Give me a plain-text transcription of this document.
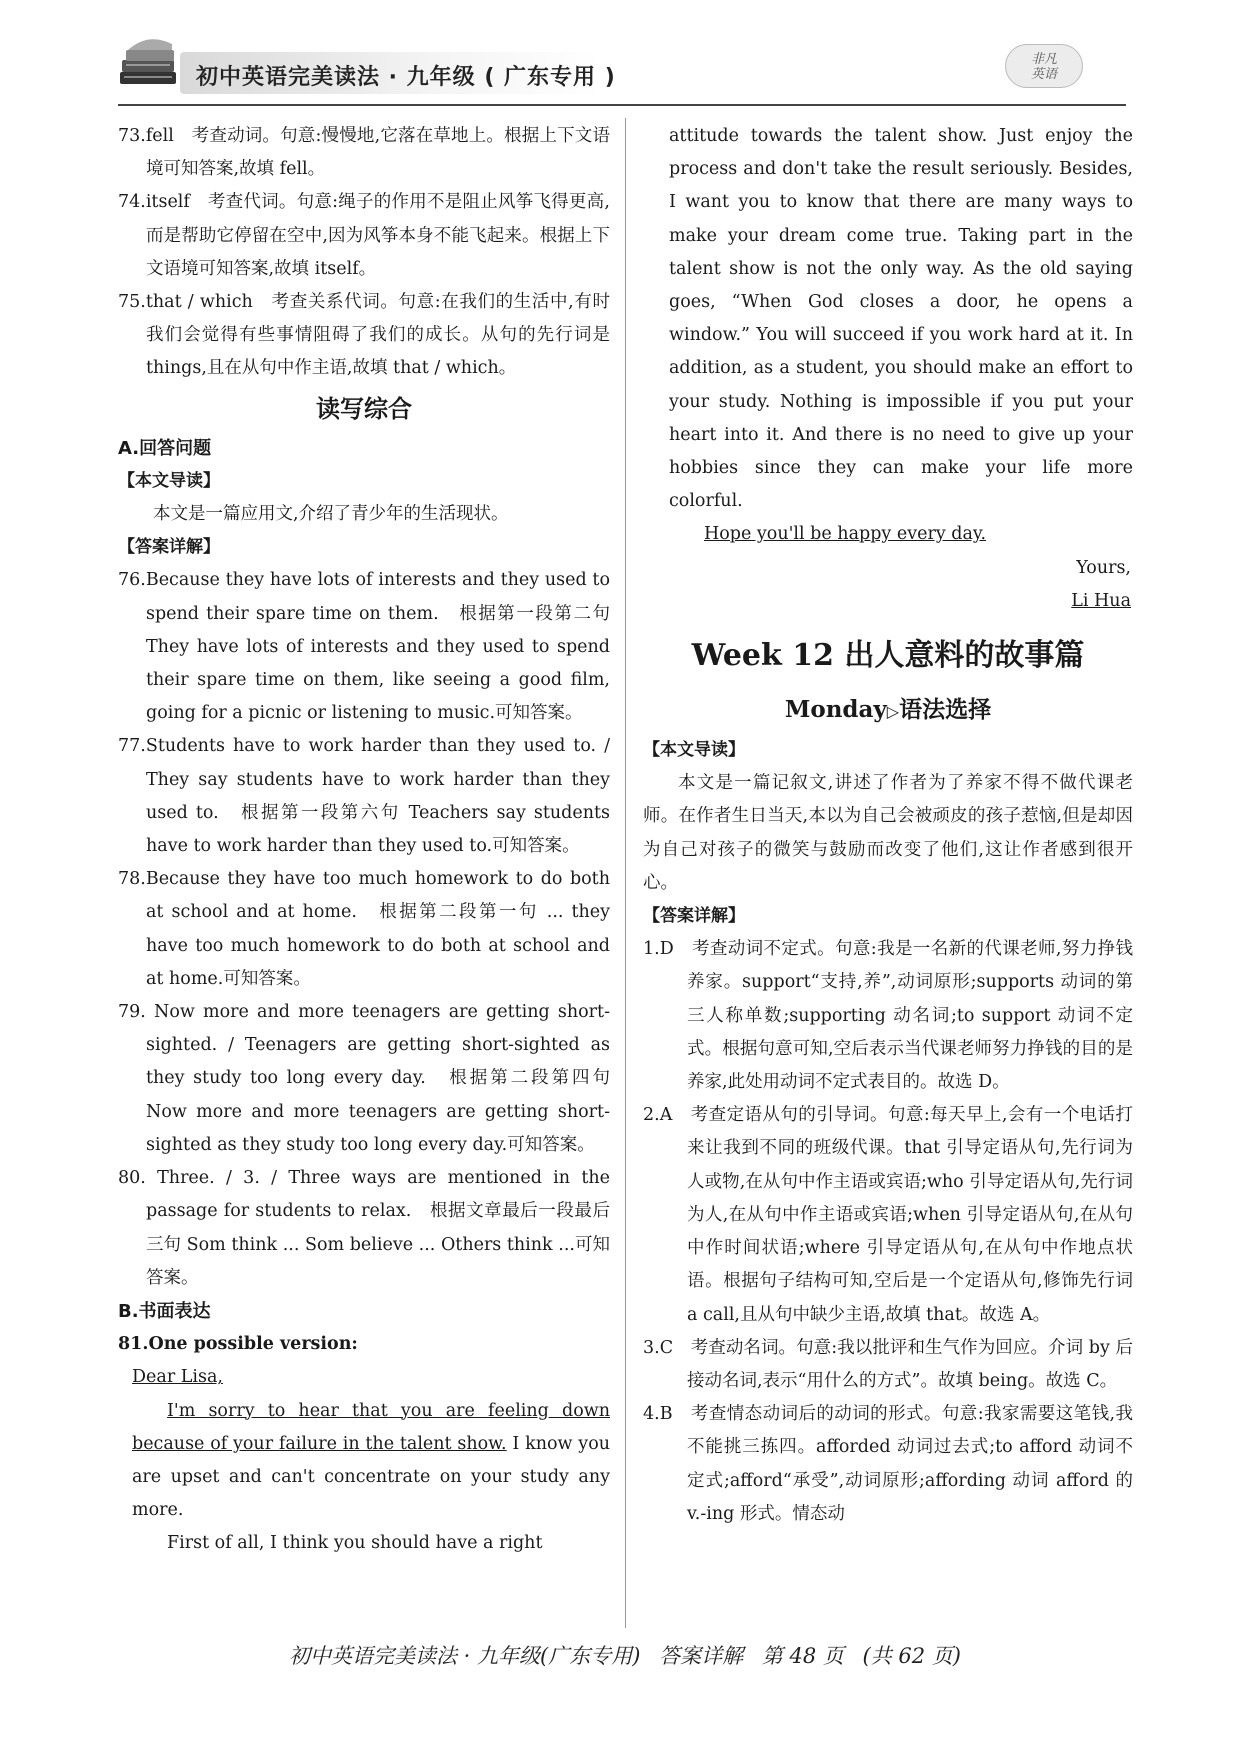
初中英语完美读法 · 九年级 ( 广东专用 )
非凡
英语

73.fell　考查动词。句意:慢慢地,它落在草地上。根据上下文语境可知答案,故填 fell。

74.itself　考查代词。句意:绳子的作用不是阻止风筝飞得更高,而是帮助它停留在空中,因为风筝本身不能飞起来。根据上下文语境可知答案,故填 itself。

75.that / which　考查关系代词。句意:在我们的生活中,有时我们会觉得有些事情阻碍了我们的成长。从句的先行词是 things,且在从句中作主语,故填 that / which。

读写综合

A.回答问题

【本文导读】

本文是一篇应用文,介绍了青少年的生活现状。

【答案详解】

76.Because they have lots of interests and they used to spend their spare time on them.　根据第一段第二句 They have lots of interests and they used to spend their spare time on them, like seeing a good film, going for a picnic or listening to music.可知答案。

77.Students have to work harder than they used to. / They say students have to work harder than they used to.　根据第一段第六句 Teachers say students have to work harder than they used to.可知答案。

78.Because they have too much homework to do both at school and at home.　根据第二段第一句 ... they have too much homework to do both at school and at home.可知答案。

79. Now more and more teenagers are getting short-sighted. / Teenagers are getting short-sighted as they study too long every day.　根据第二段第四句 Now more and more teenagers are getting short-sighted as they study too long every day.可知答案。

80. Three. / 3. / Three ways are mentioned in the passage for students to relax.　根据文章最后一段最后三句 Som think ... Som believe ... Others think ...可知答案。

B.书面表达

81.One possible version:

Dear Lisa,

I'm sorry to hear that you are feeling down because of your failure in the talent show. I know you are upset and can't concentrate on your study any more.

First of all, I think you should have a right

attitude towards the talent show. Just enjoy the process and don't take the result seriously. Besides, I want you to know that there are many ways to make your dream come true. Taking part in the talent show is not the only way. As the old saying goes, “When God closes a door, he opens a window.” You will succeed if you work hard at it. In addition, as a student, you should make an effort to your study. Nothing is impossible if you put your heart into it. And there is no need to give up your hobbies since they can make your life more colorful.

Hope you'll be happy every day.

Yours,

Li Hua

Week 12 出人意料的故事篇
Monday▷语法选择

【本文导读】

本文是一篇记叙文,讲述了作者为了养家不得不做代课老师。在作者生日当天,本以为自己会被顽皮的孩子惹恼,但是却因为自己对孩子的微笑与鼓励而改变了他们,这让作者感到很开心。

【答案详解】

1.D　考查动词不定式。句意:我是一名新的代课老师,努力挣钱养家。support“支持,养”,动词原形;supports 动词的第三人称单数;supporting 动名词;to support 动词不定式。根据句意可知,空后表示当代课老师努力挣钱的目的是养家,此处用动词不定式表目的。故选 D。

2.A　考查定语从句的引导词。句意:每天早上,会有一个电话打来让我到不同的班级代课。that 引导定语从句,先行词为人或物,在从句中作主语或宾语;who 引导定语从句,先行词为人,在从句中作主语或宾语;when 引导定语从句,在从句中作时间状语;where 引导定语从句,在从句中作地点状语。根据句子结构可知,空后是一个定语从句,修饰先行词 a call,且从句中缺少主语,故填 that。故选 A。

3.C　考查动名词。句意:我以批评和生气作为回应。介词 by 后接动名词,表示“用什么的方式”。故填 being。故选 C。

4.B　考查情态动词后的动词的形式。句意:我家需要这笔钱,我不能挑三拣四。afforded 动词过去式;to afford 动词不定式;afford“承受”,动词原形;affording 动词 afford 的 v.-ing 形式。情态动

初中英语完美读法 · 九年级(广东专用) 答案详解 第 48 页 (共 62 页)
